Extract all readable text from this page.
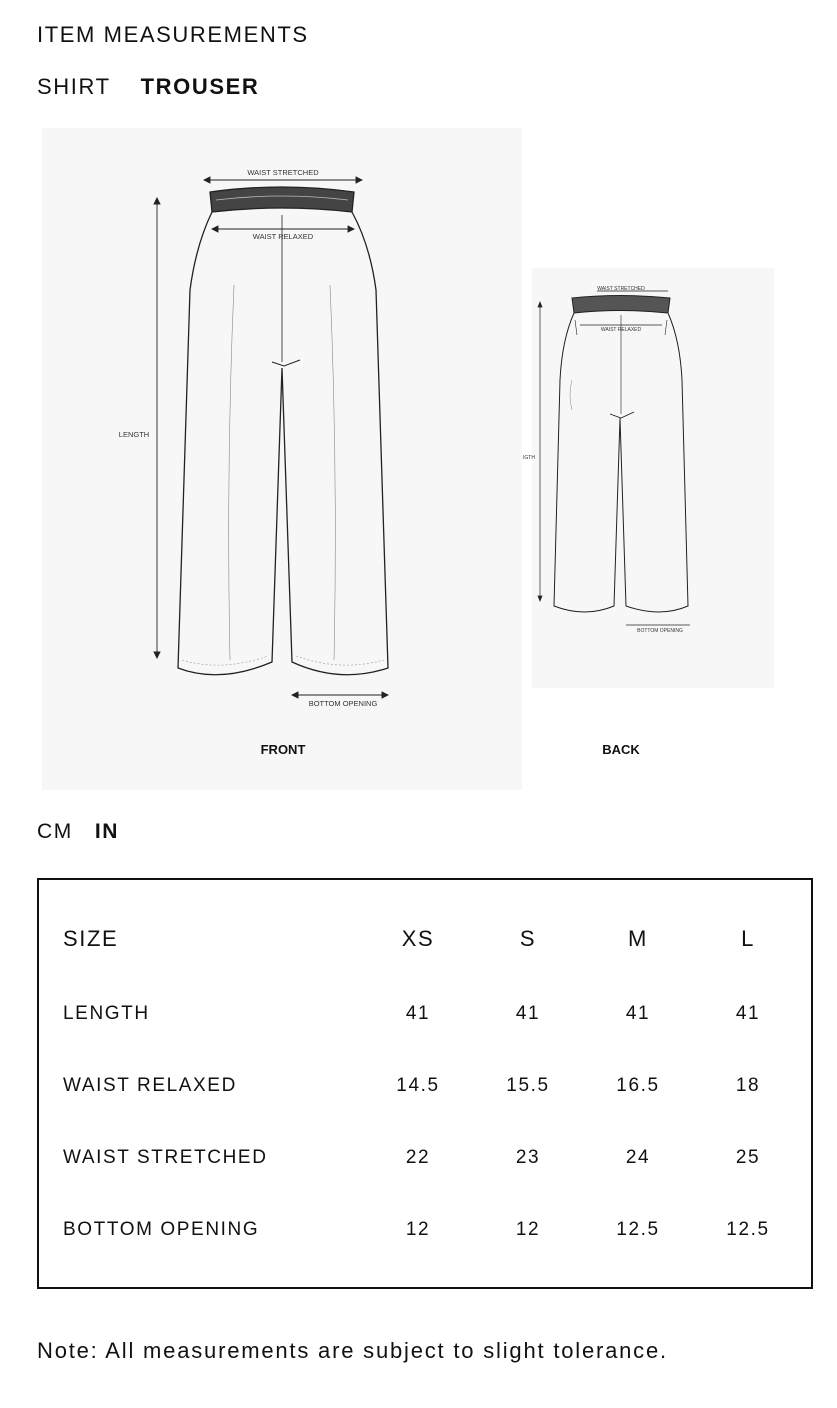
ITEM MEASUREMENTS
SHIRT TROUSER
WAIST STRETCHED
WAIST RELAXED
LENGTH
BOTTOM OPENING
FRONT
WAIST STRETCHED
WAIST RELAXED
IGTH
BOTTOM OPENING
BACK
CM IN
SIZE	XS	S	M	L
LENGTH	41	41	41	41
WAIST RELAXED	14.5	15.5	16.5	18
WAIST STRETCHED	22	23	24	25
BOTTOM OPENING	12	12	12.5	12.5

Note: All measurements are subject to slight tolerance.
